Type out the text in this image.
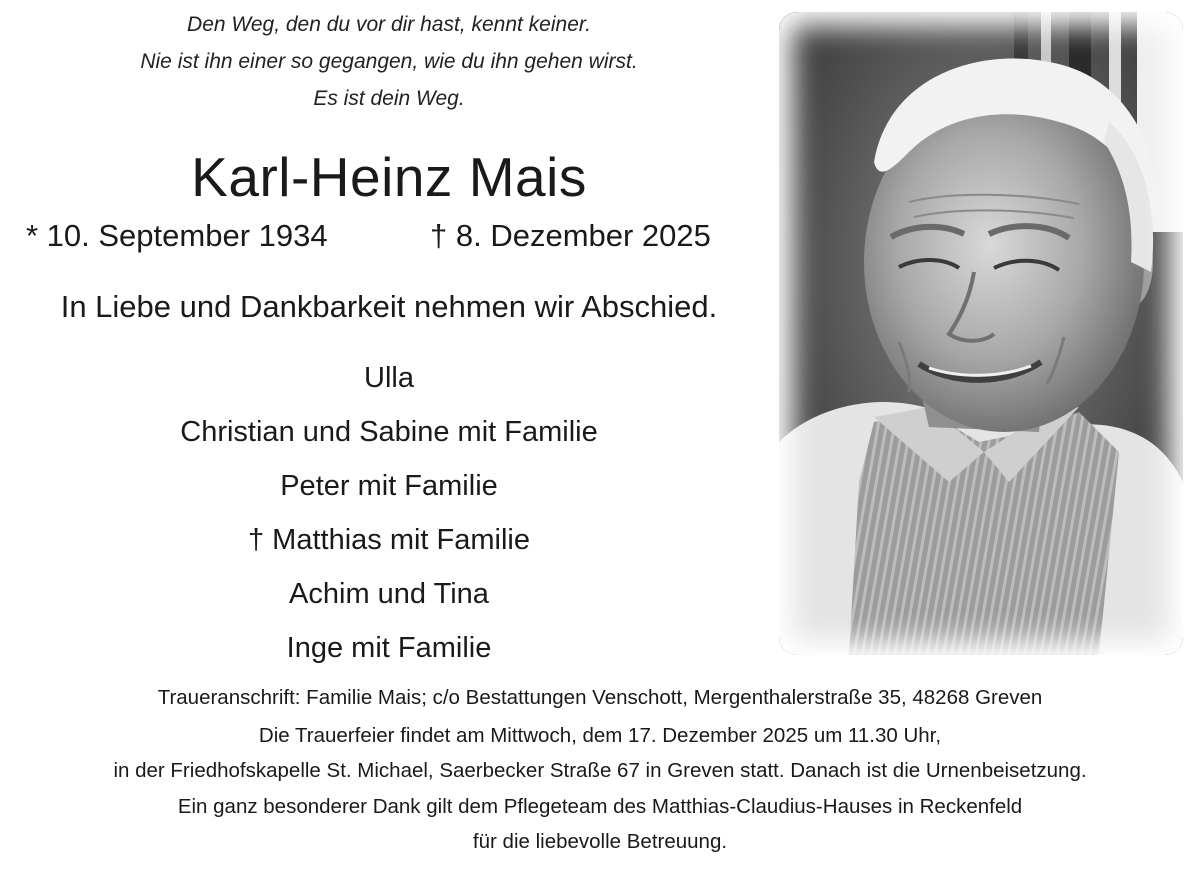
Den Weg, den du vor dir hast, kennt keiner.
Nie ist ihn einer so gegangen, wie du ihn gehen wirst.
Es ist dein Weg.
Karl-Heinz Mais
* 10. September 1934	† 8. Dezember 2025
In Liebe und Dankbarkeit nehmen wir Abschied.
Ulla
Christian und Sabine mit Familie
Peter mit Familie
† Matthias mit Familie
Achim und Tina
Inge mit Familie
Traueranschrift: Familie Mais; c/o Bestattungen Venschott, Mergenthalerstraße 35, 48268 Greven
Die Trauerfeier findet am Mittwoch, dem 17. Dezember 2025 um 11.30 Uhr,
in der Friedhofskapelle St. Michael, Saerbecker Straße 67 in Greven statt. Danach ist die Urnenbeisetzung.
Ein ganz besonderer Dank gilt dem Pflegeteam des Matthias-Claudius-Hauses in Reckenfeld
für die liebevolle Betreuung.
